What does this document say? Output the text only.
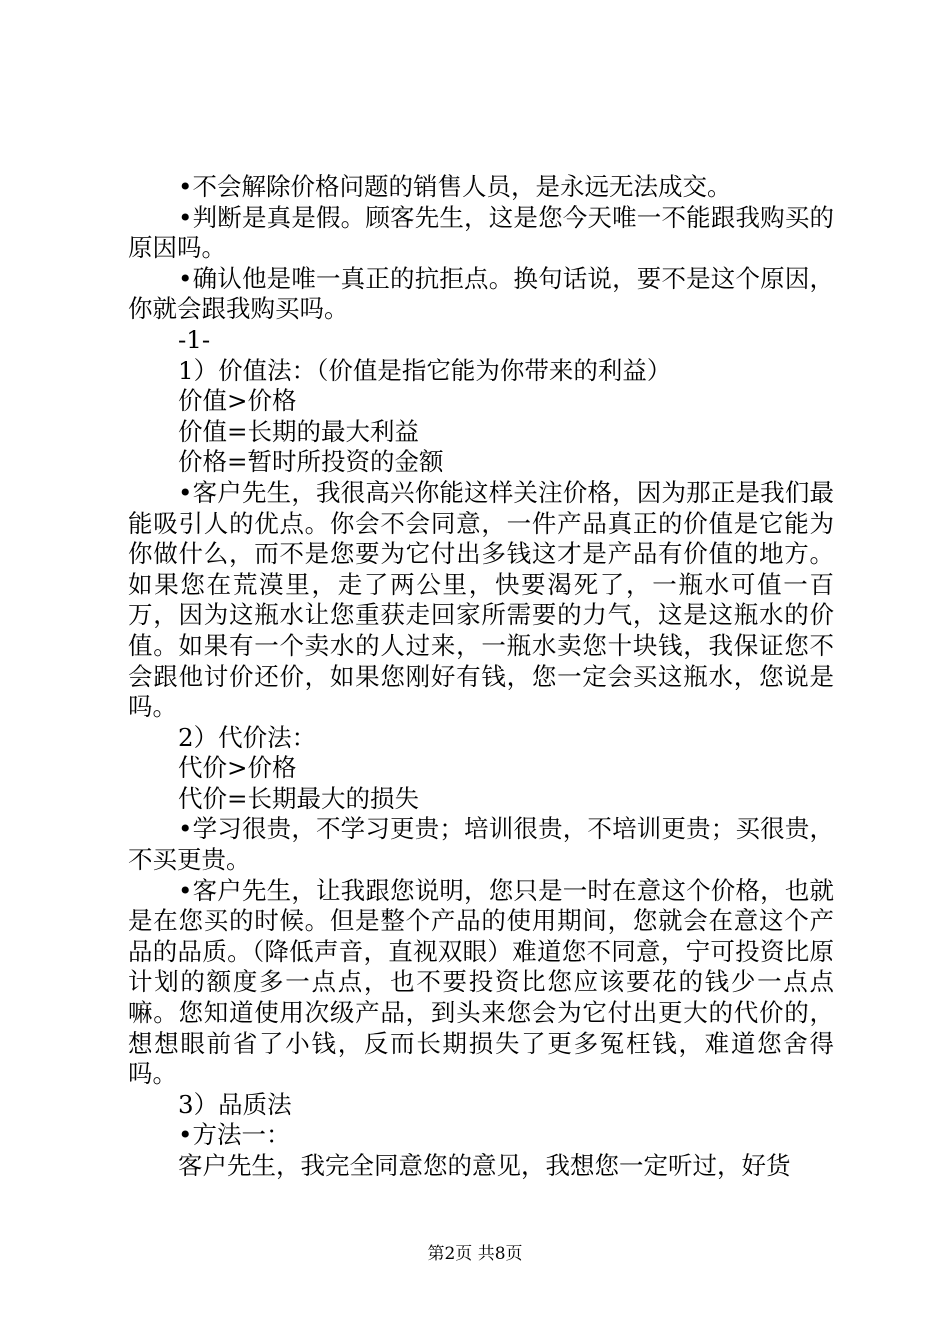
•不会解除价格问题的销售人员，是永远无法成交。

•判断是真是假。顾客先生，这是您今天唯一不能跟我购买的原因吗。

•确认他是唯一真正的抗拒点。换句话说，要不是这个原因，你就会跟我购买吗。

-1-

1）价值法：（价值是指它能为你带来的利益）

价值>价格

价值=长期的最大利益

价格=暂时所投资的金额

•客户先生，我很高兴你能这样关注价格，因为那正是我们最能吸引人的优点。你会不会同意，一件产品真正的价值是它能为你做什么，而不是您要为它付出多钱这才是产品有价值的地方。如果您在荒漠里，走了两公里，快要渴死了，一瓶水可值一百万，因为这瓶水让您重获走回家所需要的力气，这是这瓶水的价值。如果有一个卖水的人过来，一瓶水卖您十块钱，我保证您不会跟他讨价还价，如果您刚好有钱，您一定会买这瓶水，您说是吗。

2）代价法：

代价>价格

代价=长期最大的损失

•学习很贵，不学习更贵；培训很贵，不培训更贵；买很贵，不买更贵。

•客户先生，让我跟您说明，您只是一时在意这个价格，也就是在您买的时候。但是整个产品的使用期间，您就会在意这个产品的品质。（降低声音，直视双眼）难道您不同意，宁可投资比原计划的额度多一点点，也不要投资比您应该要花的钱少一点点嘛。您知道使用次级产品，到头来您会为它付出更大的代价的，想想眼前省了小钱，反而长期损失了更多冤枉钱，难道您舍得吗。

3）品质法

•方法一：

客户先生，我完全同意您的意见，我想您一定听过，好货

第2页 共8页
